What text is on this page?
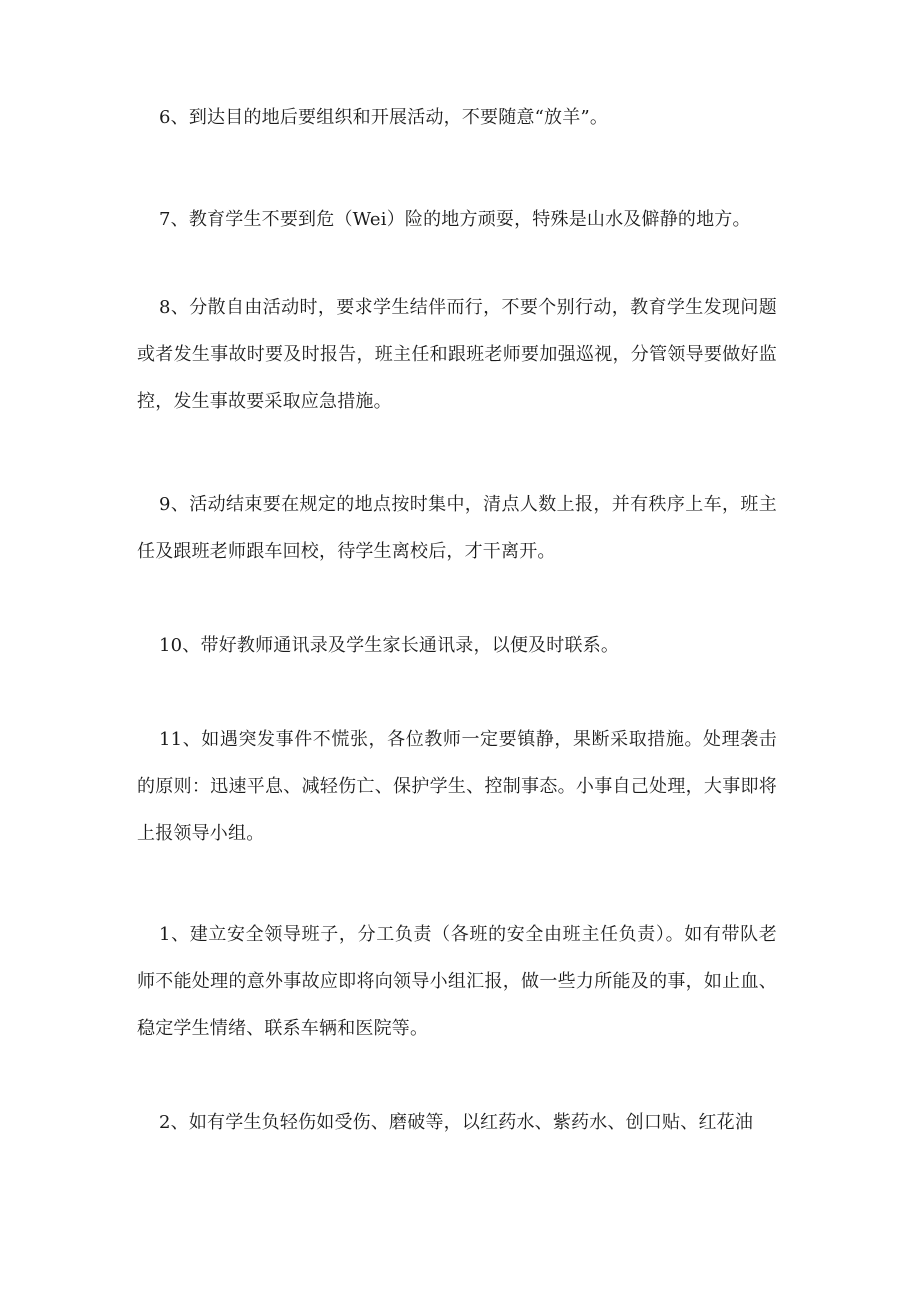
6、到达目的地后要组织和开展活动，不要随意“放羊”。

7、教育学生不要到危（Wei）险的地方顽耍，特殊是山水及僻静的地方。

8、分散自由活动时，要求学生结伴而行，不要个别行动，教育学生发现问题或者发生事故时要及时报告，班主任和跟班老师要加强巡视，分管领导要做好监控，发生事故要采取应急措施。

9、活动结束要在规定的地点按时集中，清点人数上报，并有秩序上车，班主任及跟班老师跟车回校，待学生离校后，才干离开。

10、带好教师通讯录及学生家长通讯录，以便及时联系。

11、如遇突发事件不慌张，各位教师一定要镇静，果断采取措施。处理袭击的原则：迅速平息、减轻伤亡、保护学生、控制事态。小事自己处理，大事即将上报领导小组。

1、建立安全领导班子，分工负责（各班的安全由班主任负责）。如有带队老师不能处理的意外事故应即将向领导小组汇报，做一些力所能及的事，如止血、稳定学生情绪、联系车辆和医院等。

2、如有学生负轻伤如受伤、磨破等，以红药水、紫药水、创口贴、红花油
